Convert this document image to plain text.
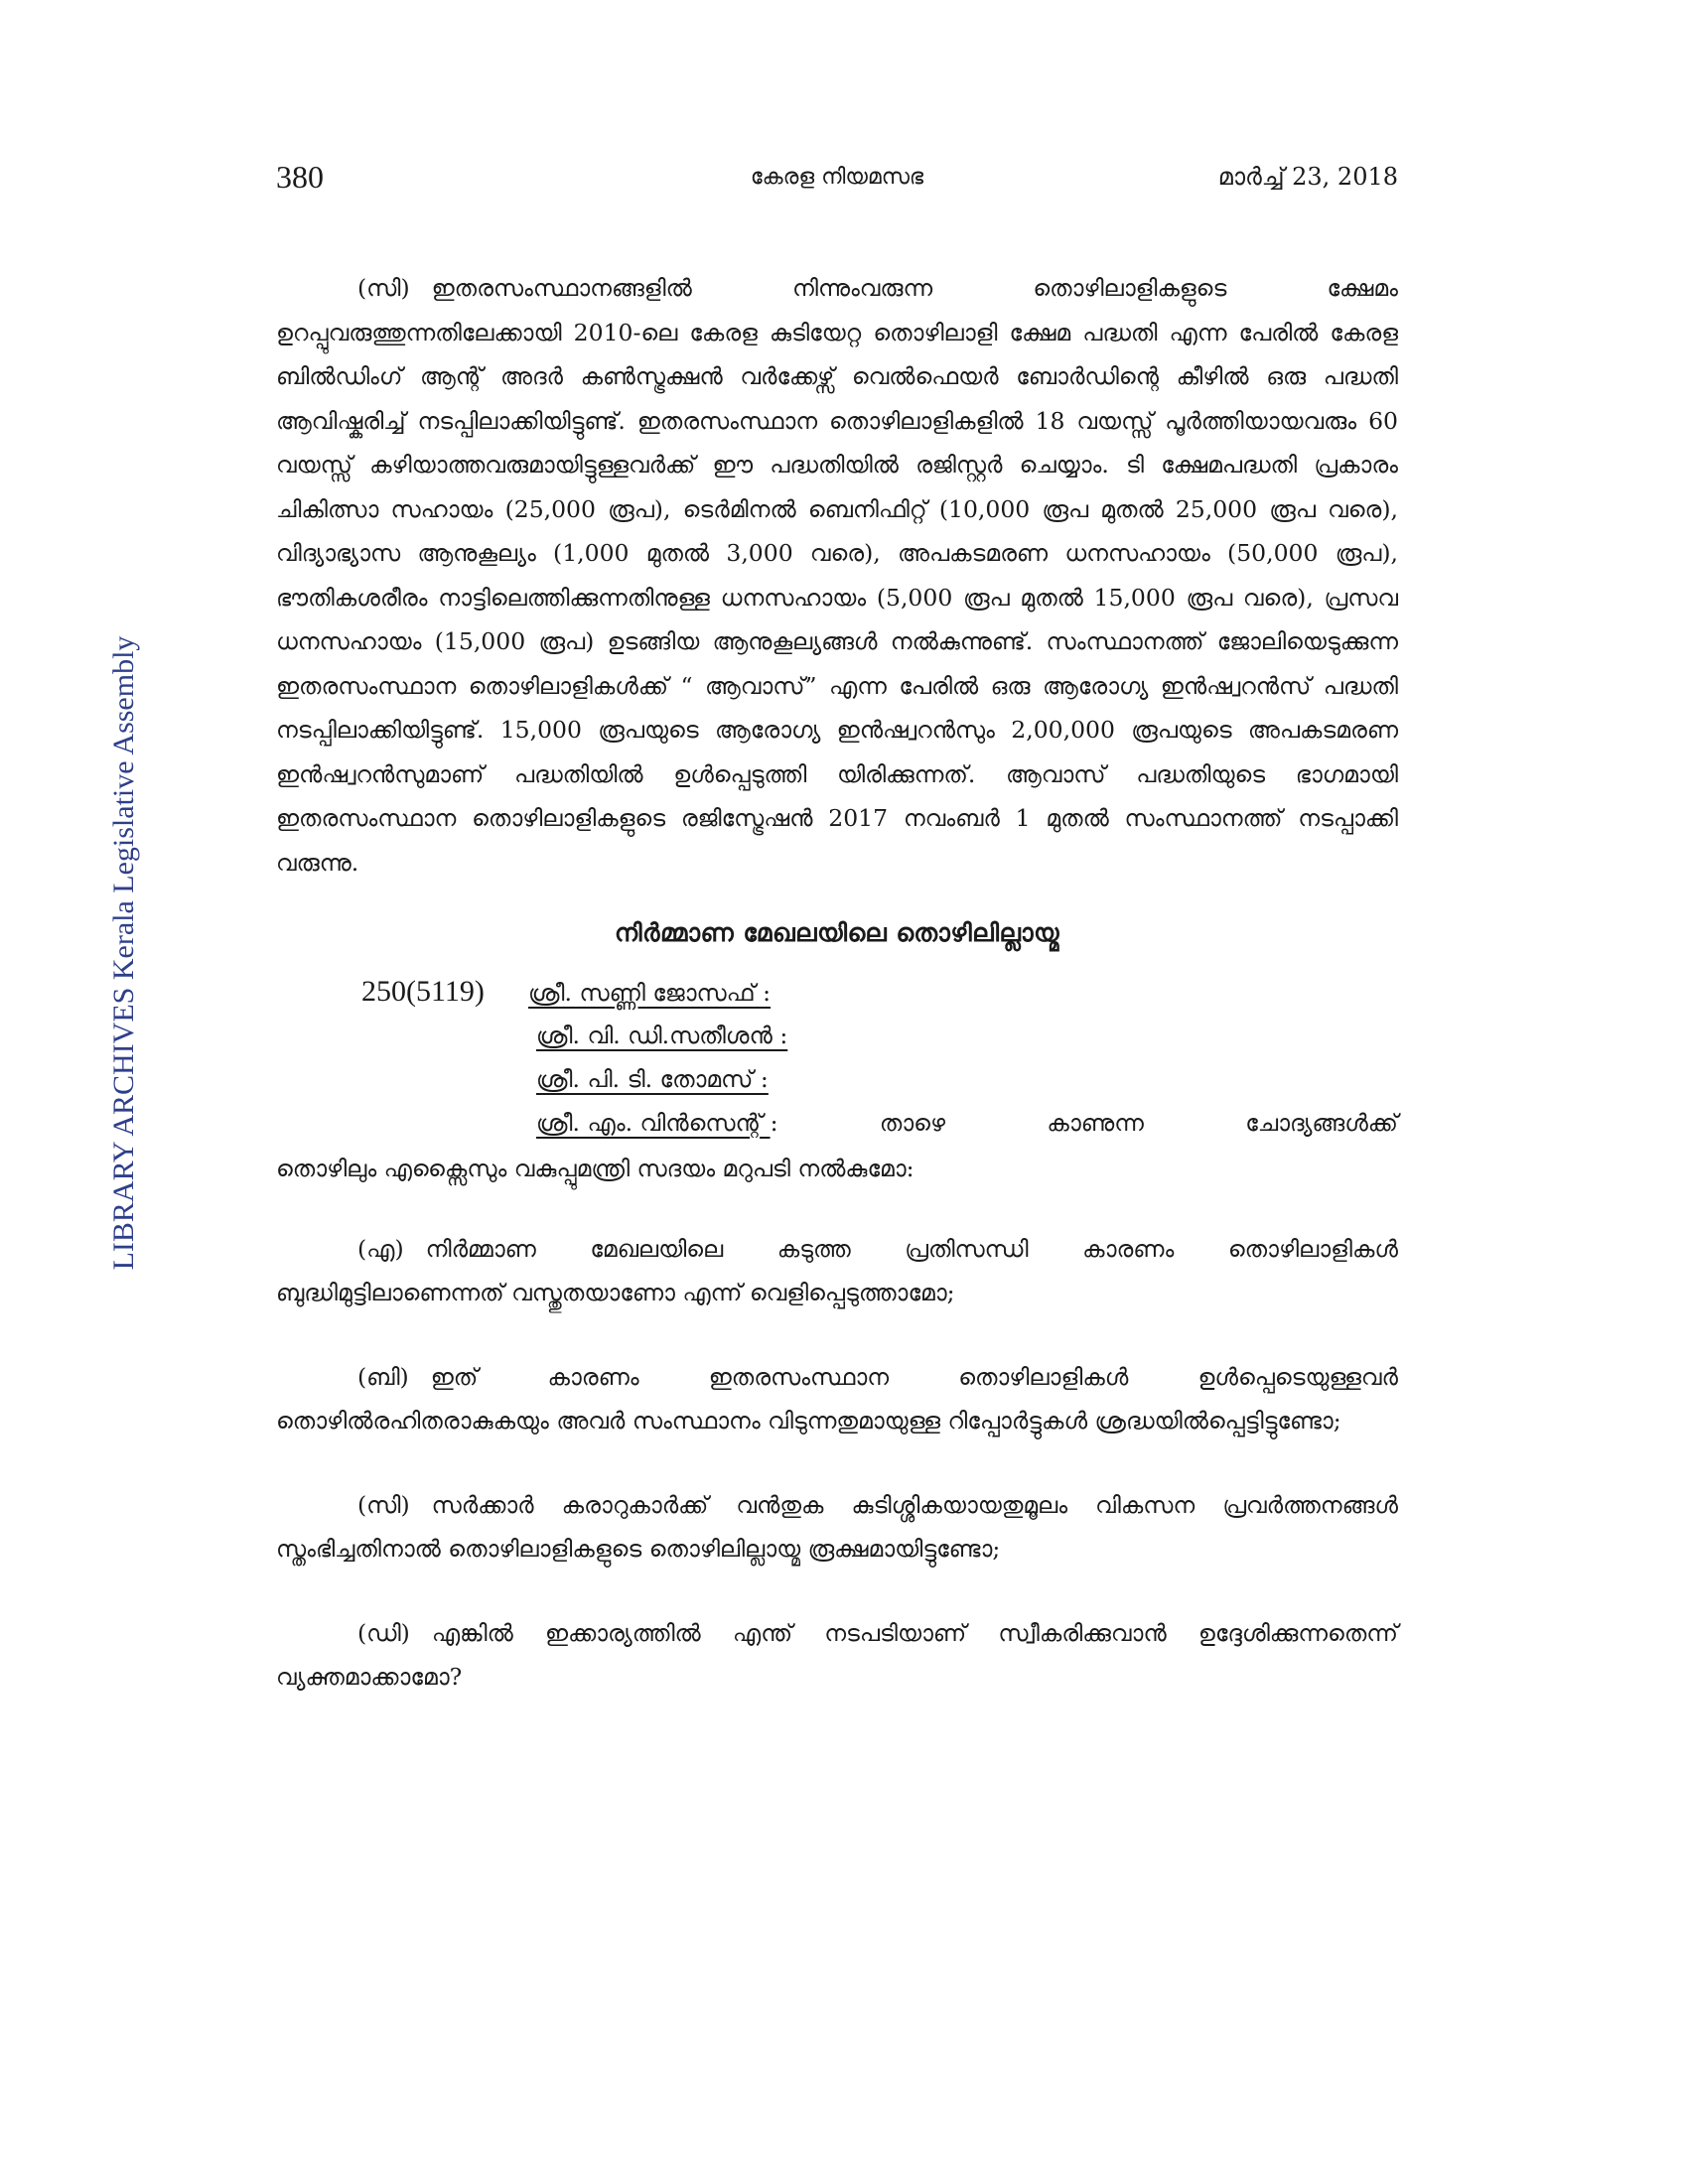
380	കേരള നിയമസഭ	മാർച്ച് 23, 2018
LIBRARY ARCHIVES Kerala Legislative Assembly

(സി) ഇതരസംസ്ഥാനങ്ങളിൽ നിന്നുംവരുന്ന തൊഴിലാളികളുടെ ക്ഷേമം ഉറപ്പുവരുത്തുന്നതിലേക്കായി 2010-ലെ കേരള കുടിയേറ്റ തൊഴിലാളി ക്ഷേമ പദ്ധതി എന്ന പേരിൽ കേരള ബിൽഡിംഗ് ആന്റ് അദർ കൺസ്ട്രക്ഷൻ വർക്കേഴ്സ് വെൽഫെയർ ബോർഡിന്റെ കീഴിൽ ഒരു പദ്ധതി ആവിഷ്കരിച്ച് നടപ്പിലാക്കിയിട്ടുണ്ട്. ഇതരസംസ്ഥാന തൊഴിലാളികളിൽ 18 വയസ്സ് പൂർത്തിയായവരും 60 വയസ്സ് കഴിയാത്തവരുമായിട്ടുള്ളവർക്ക് ഈ പദ്ധതിയിൽ രജിസ്റ്റർ ചെയ്യാം. ടി ക്ഷേമപദ്ധതി പ്രകാരം ചികിത്സാ സഹായം (25,000 രൂപ), ടെർമിനൽ ബെനിഫിറ്റ് (10,000 രൂപ മുതൽ 25,000 രൂപ വരെ), വിദ്യാഭ്യാസ ആനുകൂല്യം (1,000 മുതൽ 3,000 വരെ), അപകടമരണ ധനസഹായം (50,000 രൂപ), ഭൗതികശരീരം നാട്ടിലെത്തിക്കുന്നതിനുള്ള ധനസഹായം (5,000 രൂപ മുതൽ 15,000 രൂപ വരെ), പ്രസവ ധനസഹായം (15,000 രൂപ) ഉടങ്ങിയ ആനുകൂല്യങ്ങൾ നൽകുന്നുണ്ട്. സംസ്ഥാനത്ത് ജോലിയെടുക്കുന്ന ഇതരസംസ്ഥാന തൊഴിലാളികൾക്ക് “ ആവാസ്” എന്ന പേരിൽ ഒരു ആരോഗ്യ ഇൻഷ്വറൻസ് പദ്ധതി നടപ്പിലാക്കിയിട്ടുണ്ട്. 15,000 രൂപയുടെ ആരോഗ്യ ഇൻഷ്വറൻസും 2,00,000 രൂപയുടെ അപകടമരണ ഇൻഷ്വറൻസുമാണ് പദ്ധതിയിൽ ഉൾപ്പെടുത്തി യിരിക്കുന്നത്. ആവാസ് പദ്ധതിയുടെ ഭാഗമായി ഇതരസംസ്ഥാന തൊഴിലാളികളുടെ രജിസ്ട്രേഷൻ 2017 നവംബർ 1 മുതൽ സംസ്ഥാനത്ത് നടപ്പാക്കി വരുന്നു.

നിർമ്മാണ മേഖലയിലെ തൊഴിലില്ലായ്മ
250(5119) ശ്രീ. സണ്ണി ജോസഫ് :
ശ്രീ. വി. ഡി.സതീശൻ :
ശ്രീ. പി. ടി. തോമസ് :
ശ്രീ. എം. വിൻസെന്റ് :	താഴെ	കാണുന്ന	ചോദ്യങ്ങൾക്ക്

തൊഴിലും എക്സൈസും വകുപ്പുമന്ത്രി സദയം മറുപടി നൽകുമോ:

(എ) നിർമ്മാണ മേഖലയിലെ കടുത്ത പ്രതിസന്ധി കാരണം തൊഴിലാളികൾ ബുദ്ധിമുട്ടിലാണെന്നത് വസ്തുതയാണോ എന്ന് വെളിപ്പെടുത്താമോ;

(ബി) ഇത് കാരണം ഇതരസംസ്ഥാന തൊഴിലാളികൾ ഉൾപ്പെടെയുള്ളവർ തൊഴിൽരഹിതരാകുകയും അവർ സംസ്ഥാനം വിടുന്നതുമായുള്ള റിപ്പോർട്ടുകൾ ശ്രദ്ധയിൽപ്പെട്ടിട്ടുണ്ടോ;

(സി) സർക്കാർ കരാറുകാർക്ക് വൻതുക കുടിശ്ശികയായതുമൂലം വികസന പ്രവർത്തനങ്ങൾ സ്തംഭിച്ചതിനാൽ തൊഴിലാളികളുടെ തൊഴിലില്ലായ്മ രൂക്ഷമായിട്ടുണ്ടോ;

(ഡി) എങ്കിൽ ഇക്കാര്യത്തിൽ എന്ത് നടപടിയാണ് സ്വീകരിക്കുവാൻ ഉദ്ദേശിക്കുന്നതെന്ന് വ്യക്തമാക്കാമോ?
